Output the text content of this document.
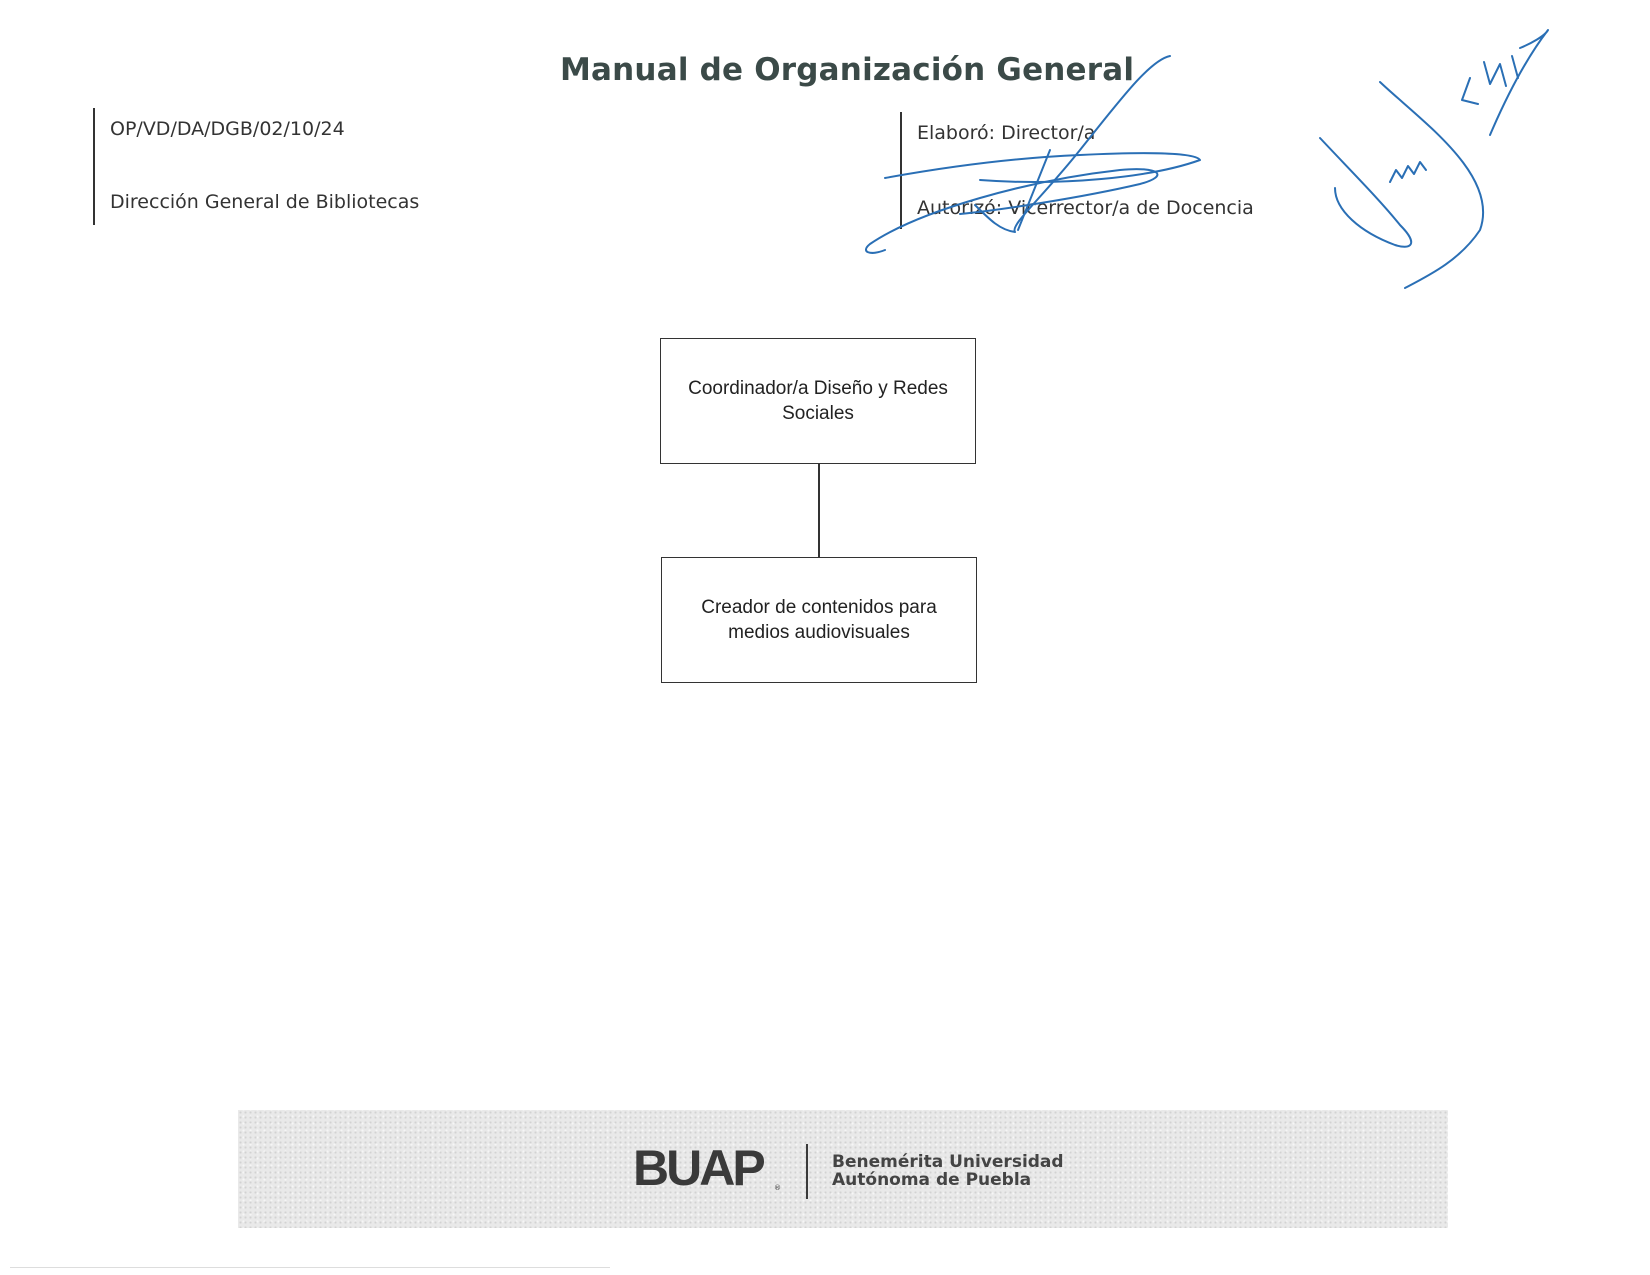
Manual de Organización General
OP/VD/DA/DGB/02/10/24
Dirección General de Bibliotecas
Elaboró: Director/a
Autorizó: Vicerrector/a de Docencia
Coordinador/a Diseño y Redes Sociales
Creador de contenidos para medios audiovisuales
BUAP ®
Benemérita Universidad
Autónoma de Puebla
